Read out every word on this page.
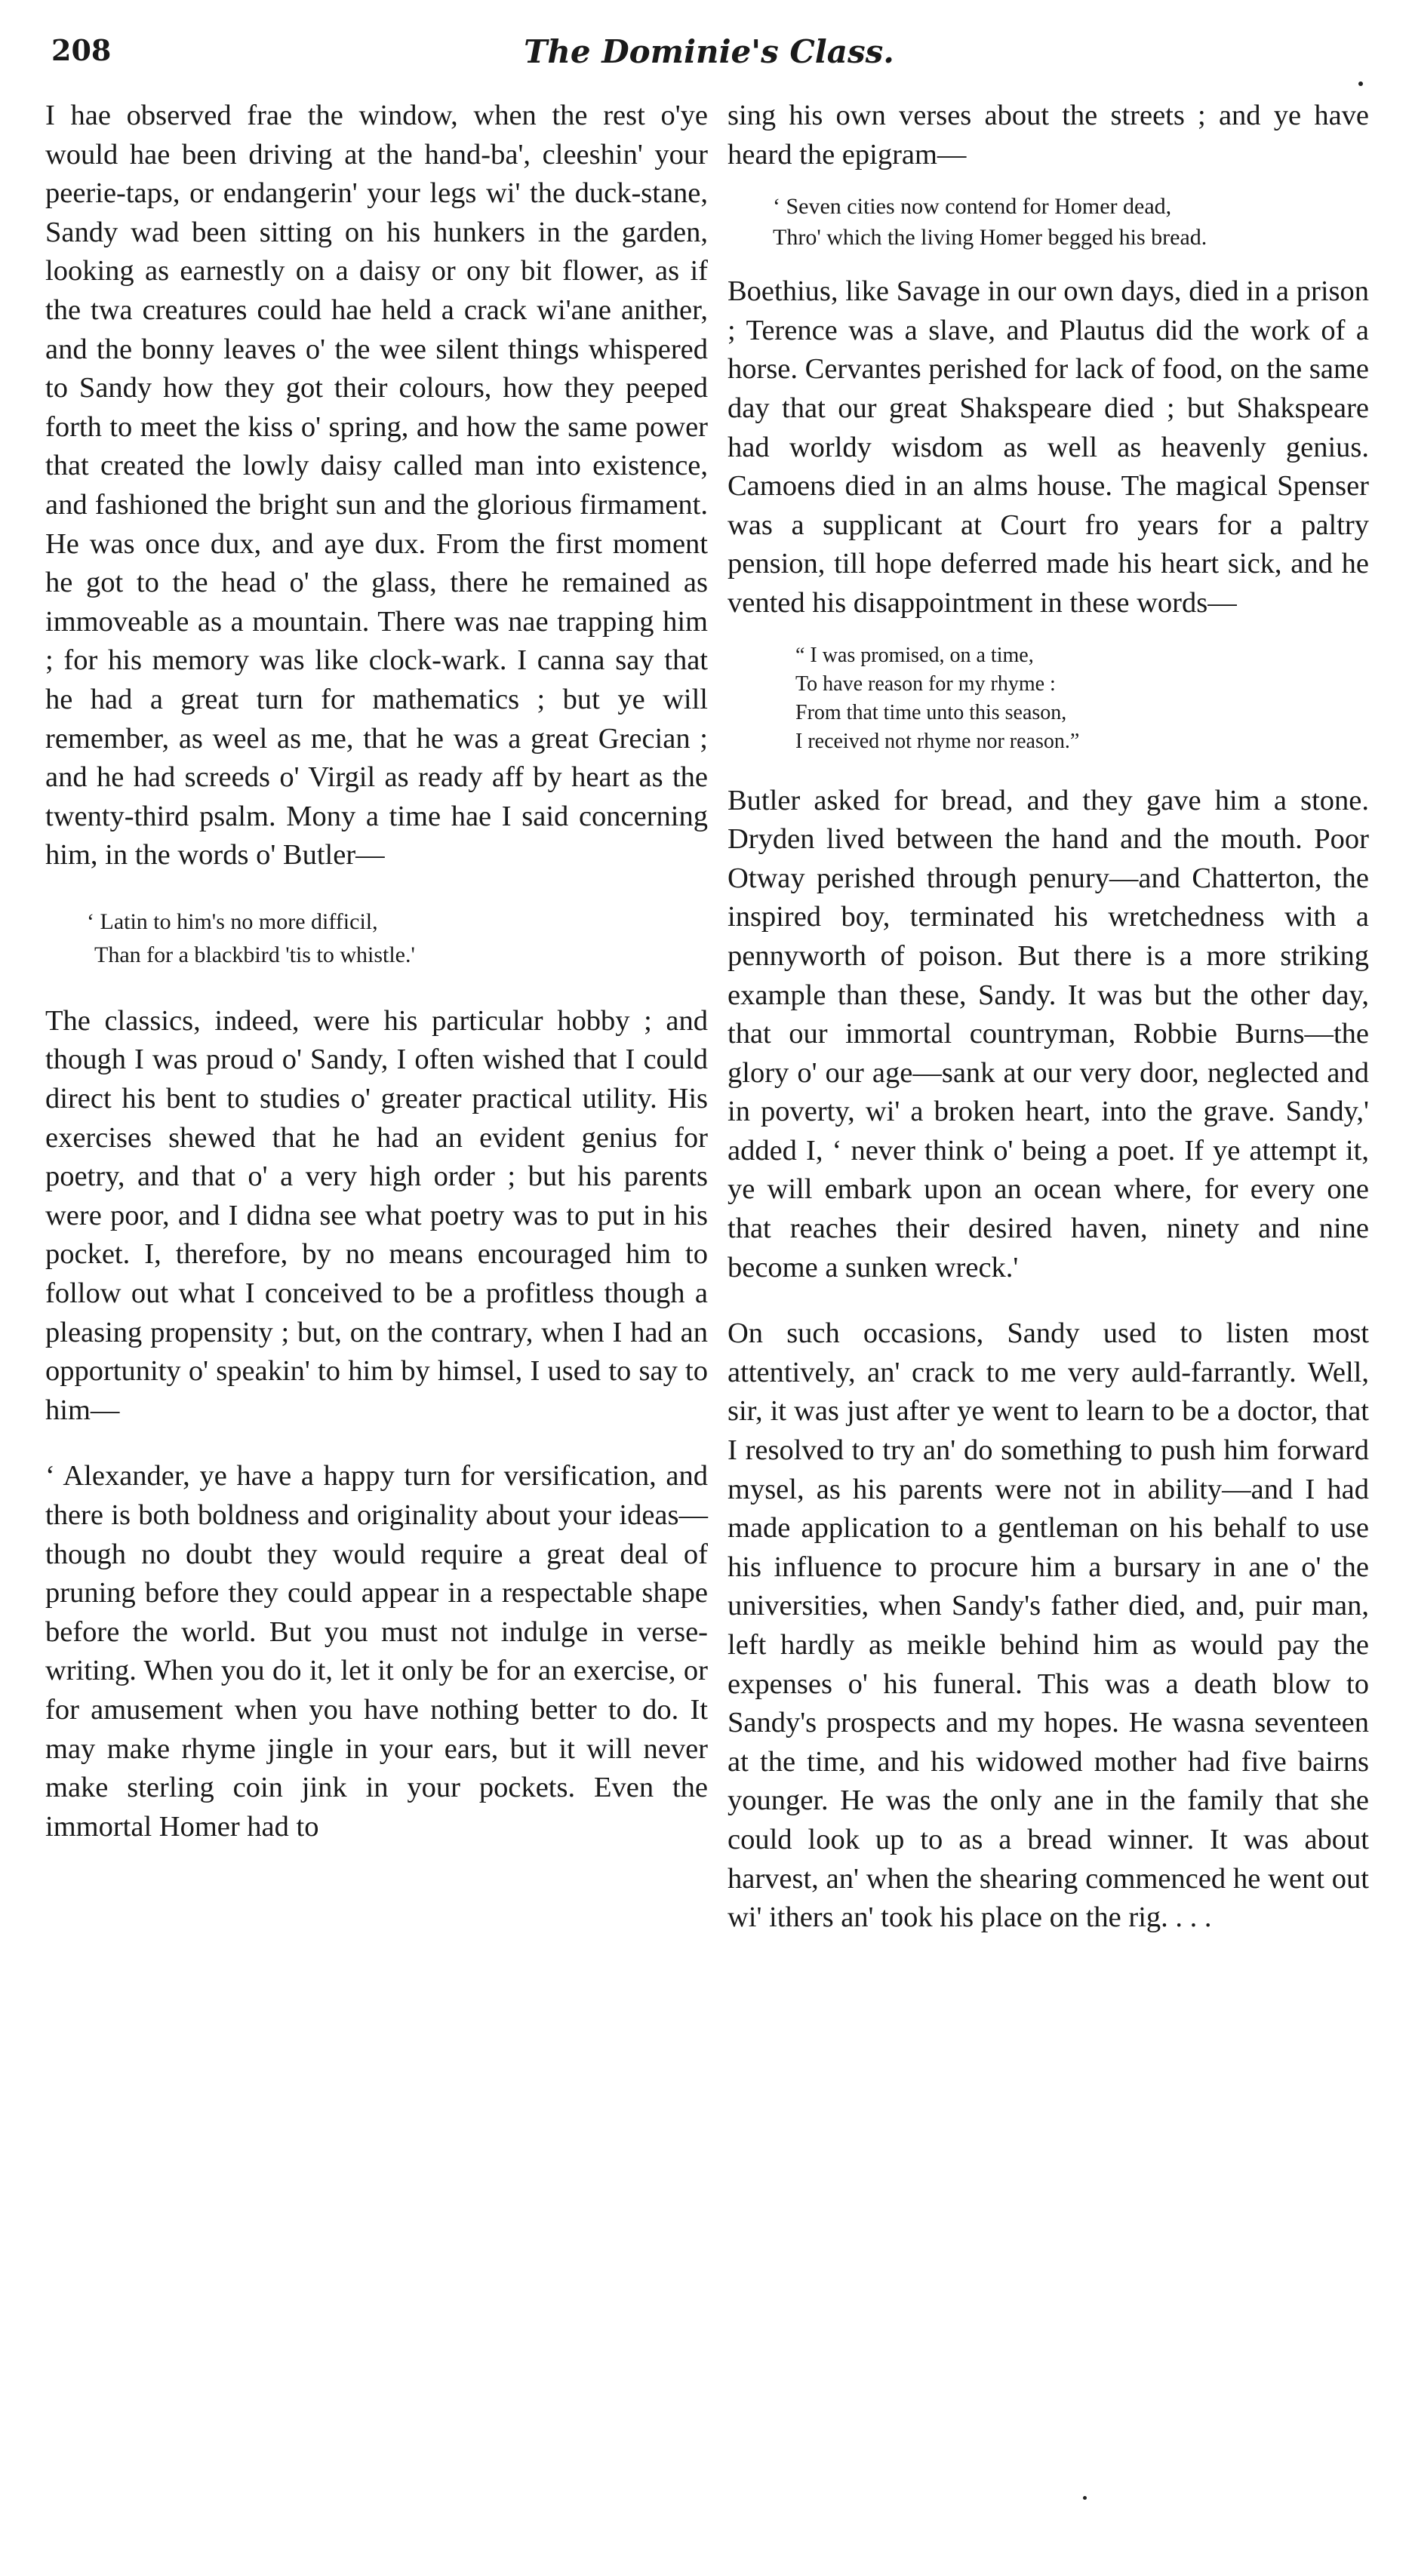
208	The Dominie's Class.

I hae observed frae the window, when the rest o'ye would hae been driving at the hand-ba', cleeshin' your peerie-taps, or endangerin' your legs wi' the duck-stane, Sandy wad been sitting on his hunkers in the garden, looking as earnestly on a daisy or ony bit flower, as if the twa creatures could hae held a crack wi'ane anither, and the bonny leaves o' the wee silent things whispered to Sandy how they got their colours, how they peeped forth to meet the kiss o' spring, and how the same power that created the lowly daisy called man into existence, and fashioned the bright sun and the glorious firmament. He was once dux, and aye dux. From the first moment he got to the head o' the glass, there he remained as immoveable as a mountain. There was nae trapping him ; for his memory was like clock-wark. I canna say that he had a great turn for mathematics ; but ye will remember, as weel as me, that he was a great Grecian ; and he had screeds o' Virgil as ready aff by heart as the twenty-third psalm. Mony a time hae I said concerning him, in the words o' Butler—

‘ Latin to him's no more difficil,
Than for a blackbird 'tis to whistle.'

The classics, indeed, were his particular hobby ; and though I was proud o' Sandy, I often wished that I could direct his bent to studies o' greater practical utility. His exercises shewed that he had an evident genius for poetry, and that o' a very high order ; but his parents were poor, and I didna see what poetry was to put in his pocket. I, therefore, by no means encouraged him to follow out what I conceived to be a profitless though a pleasing propensity ; but, on the contrary, when I had an opportunity o' speakin' to him by himsel, I used to say to him—

‘ Alexander, ye have a happy turn for versification, and there is both boldness and originality about your ideas—though no doubt they would require a great deal of pruning before they could appear in a respectable shape before the world. But you must not indulge in verse-writing. When you do it, let it only be for an exercise, or for amusement when you have nothing better to do. It may make rhyme jingle in your ears, but it will never make sterling coin jink in your pockets. Even the immortal Homer had to

sing his own verses about the streets ; and ye have heard the epigram—

‘ Seven cities now contend for Homer dead,
Thro' which the living Homer begged his bread.

Boethius, like Savage in our own days, died in a prison ; Terence was a slave, and Plautus did the work of a horse. Cervantes perished for lack of food, on the same day that our great Shakspeare died ; but Shakspeare had worldy wisdom as well as heavenly genius. Camoens died in an alms house. The magical Spenser was a supplicant at Court fro years for a paltry pension, till hope deferred made his heart sick, and he vented his disappointment in these words—

“ I was promised, on a time,
To have reason for my rhyme :
From that time unto this season,
I received not rhyme nor reason.”

Butler asked for bread, and they gave him a stone. Dryden lived between the hand and the mouth. Poor Otway perished through penury—and Chatterton, the inspired boy, terminated his wretchedness with a pennyworth of poison. But there is a more striking example than these, Sandy. It was but the other day, that our immortal countryman, Robbie Burns—the glory o' our age—sank at our very door, neglected and in poverty, wi' a broken heart, into the grave. Sandy,' added I, ‘ never think o' being a poet. If ye attempt it, ye will embark upon an ocean where, for every one that reaches their desired haven, ninety and nine become a sunken wreck.'

On such occasions, Sandy used to listen most attentively, an' crack to me very auld-farrantly. Well, sir, it was just after ye went to learn to be a doctor, that I resolved to try an' do something to push him forward mysel, as his parents were not in ability—and I had made application to a gentleman on his behalf to use his influence to procure him a bursary in ane o' the universities, when Sandy's father died, and, puir man, left hardly as meikle behind him as would pay the expenses o' his funeral. This was a death blow to Sandy's prospects and my hopes. He wasna seventeen at the time, and his widowed mother had five bairns younger. He was the only ane in the family that she could look up to as a bread winner. It was about harvest, an' when the shearing commenced he went out wi' ithers an' took his place on the rig. . . .
